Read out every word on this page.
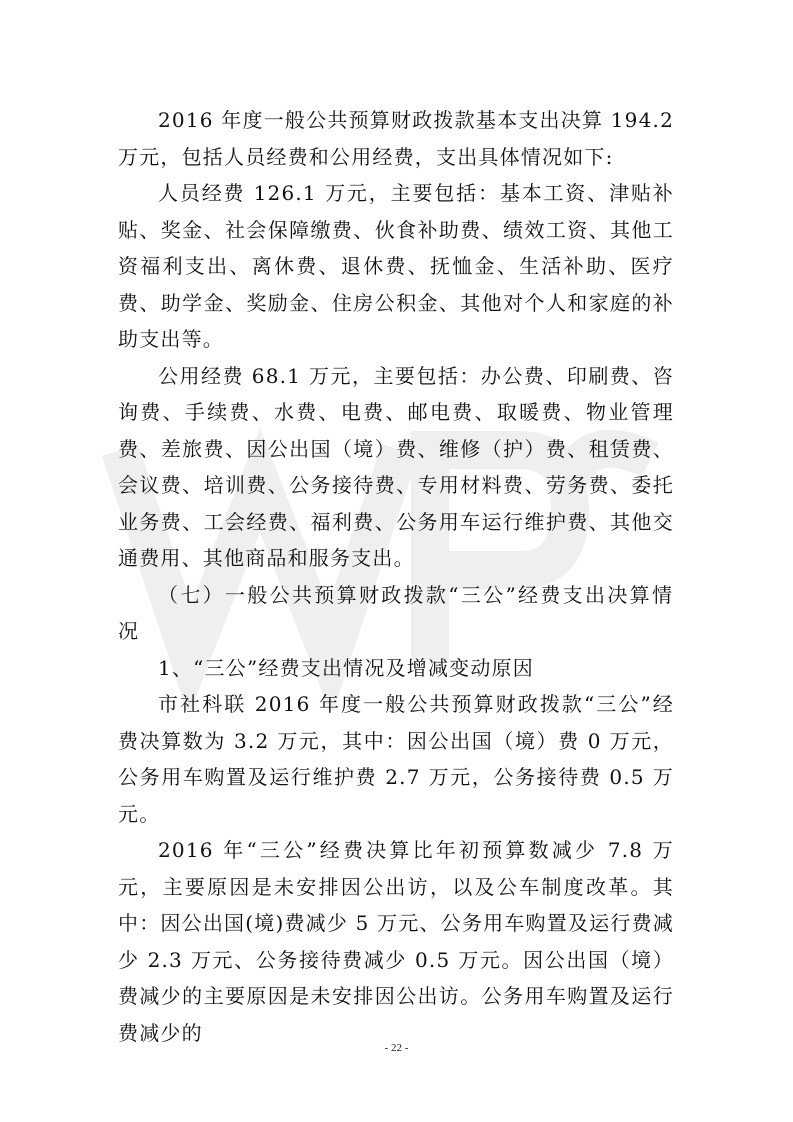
2016 年度一般公共预算财政拨款基本支出决算 194.2 万元，包括人员经费和公用经费，支出具体情况如下:

人员经费 126.1 万元，主要包括：基本工资、津贴补贴、奖金、社会保障缴费、伙食补助费、绩效工资、其他工资福利支出、离休费、退休费、抚恤金、生活补助、医疗费、助学金、奖励金、住房公积金、其他对个人和家庭的补助支出等。

公用经费 68.1 万元，主要包括：办公费、印刷费、咨询费、手续费、水费、电费、邮电费、取暖费、物业管理费、差旅费、因公出国（境）费、维修（护）费、租赁费、会议费、培训费、公务接待费、专用材料费、劳务费、委托业务费、工会经费、福利费、公务用车运行维护费、其他交通费用、其他商品和服务支出。

（七）一般公共预算财政拨款“三公”经费支出决算情况

1、“三公”经费支出情况及增减变动原因

市社科联 2016 年度一般公共预算财政拨款“三公”经费决算数为 3.2 万元，其中：因公出国（境）费 0 万元，公务用车购置及运行维护费 2.7 万元，公务接待费 0.5 万元。

2016 年“三公”经费决算比年初预算数减少 7.8 万元，主要原因是未安排因公出访，以及公车制度改革。其中：因公出国(境)费减少 5 万元、公务用车购置及运行费减少 2.3 万元、公务接待费减少 0.5 万元。因公出国（境）费减少的主要原因是未安排因公出访。公务用车购置及运行费减少的

- 22 -
